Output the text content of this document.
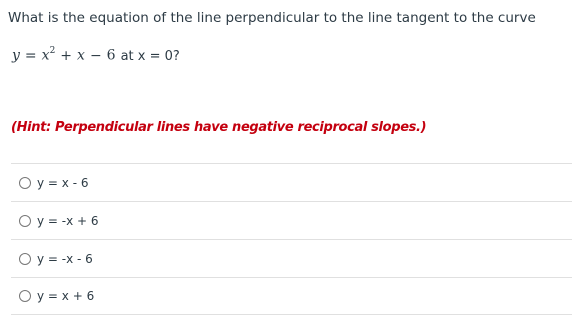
What is the equation of the line perpendicular to the line tangent to the curve
$y = x^2 + x - 6$ at x = 0?
(Hint: Perpendicular lines have negative reciprocal slopes.)
y = x - 6
y = -x + 6
y = -x - 6
y = x + 6
